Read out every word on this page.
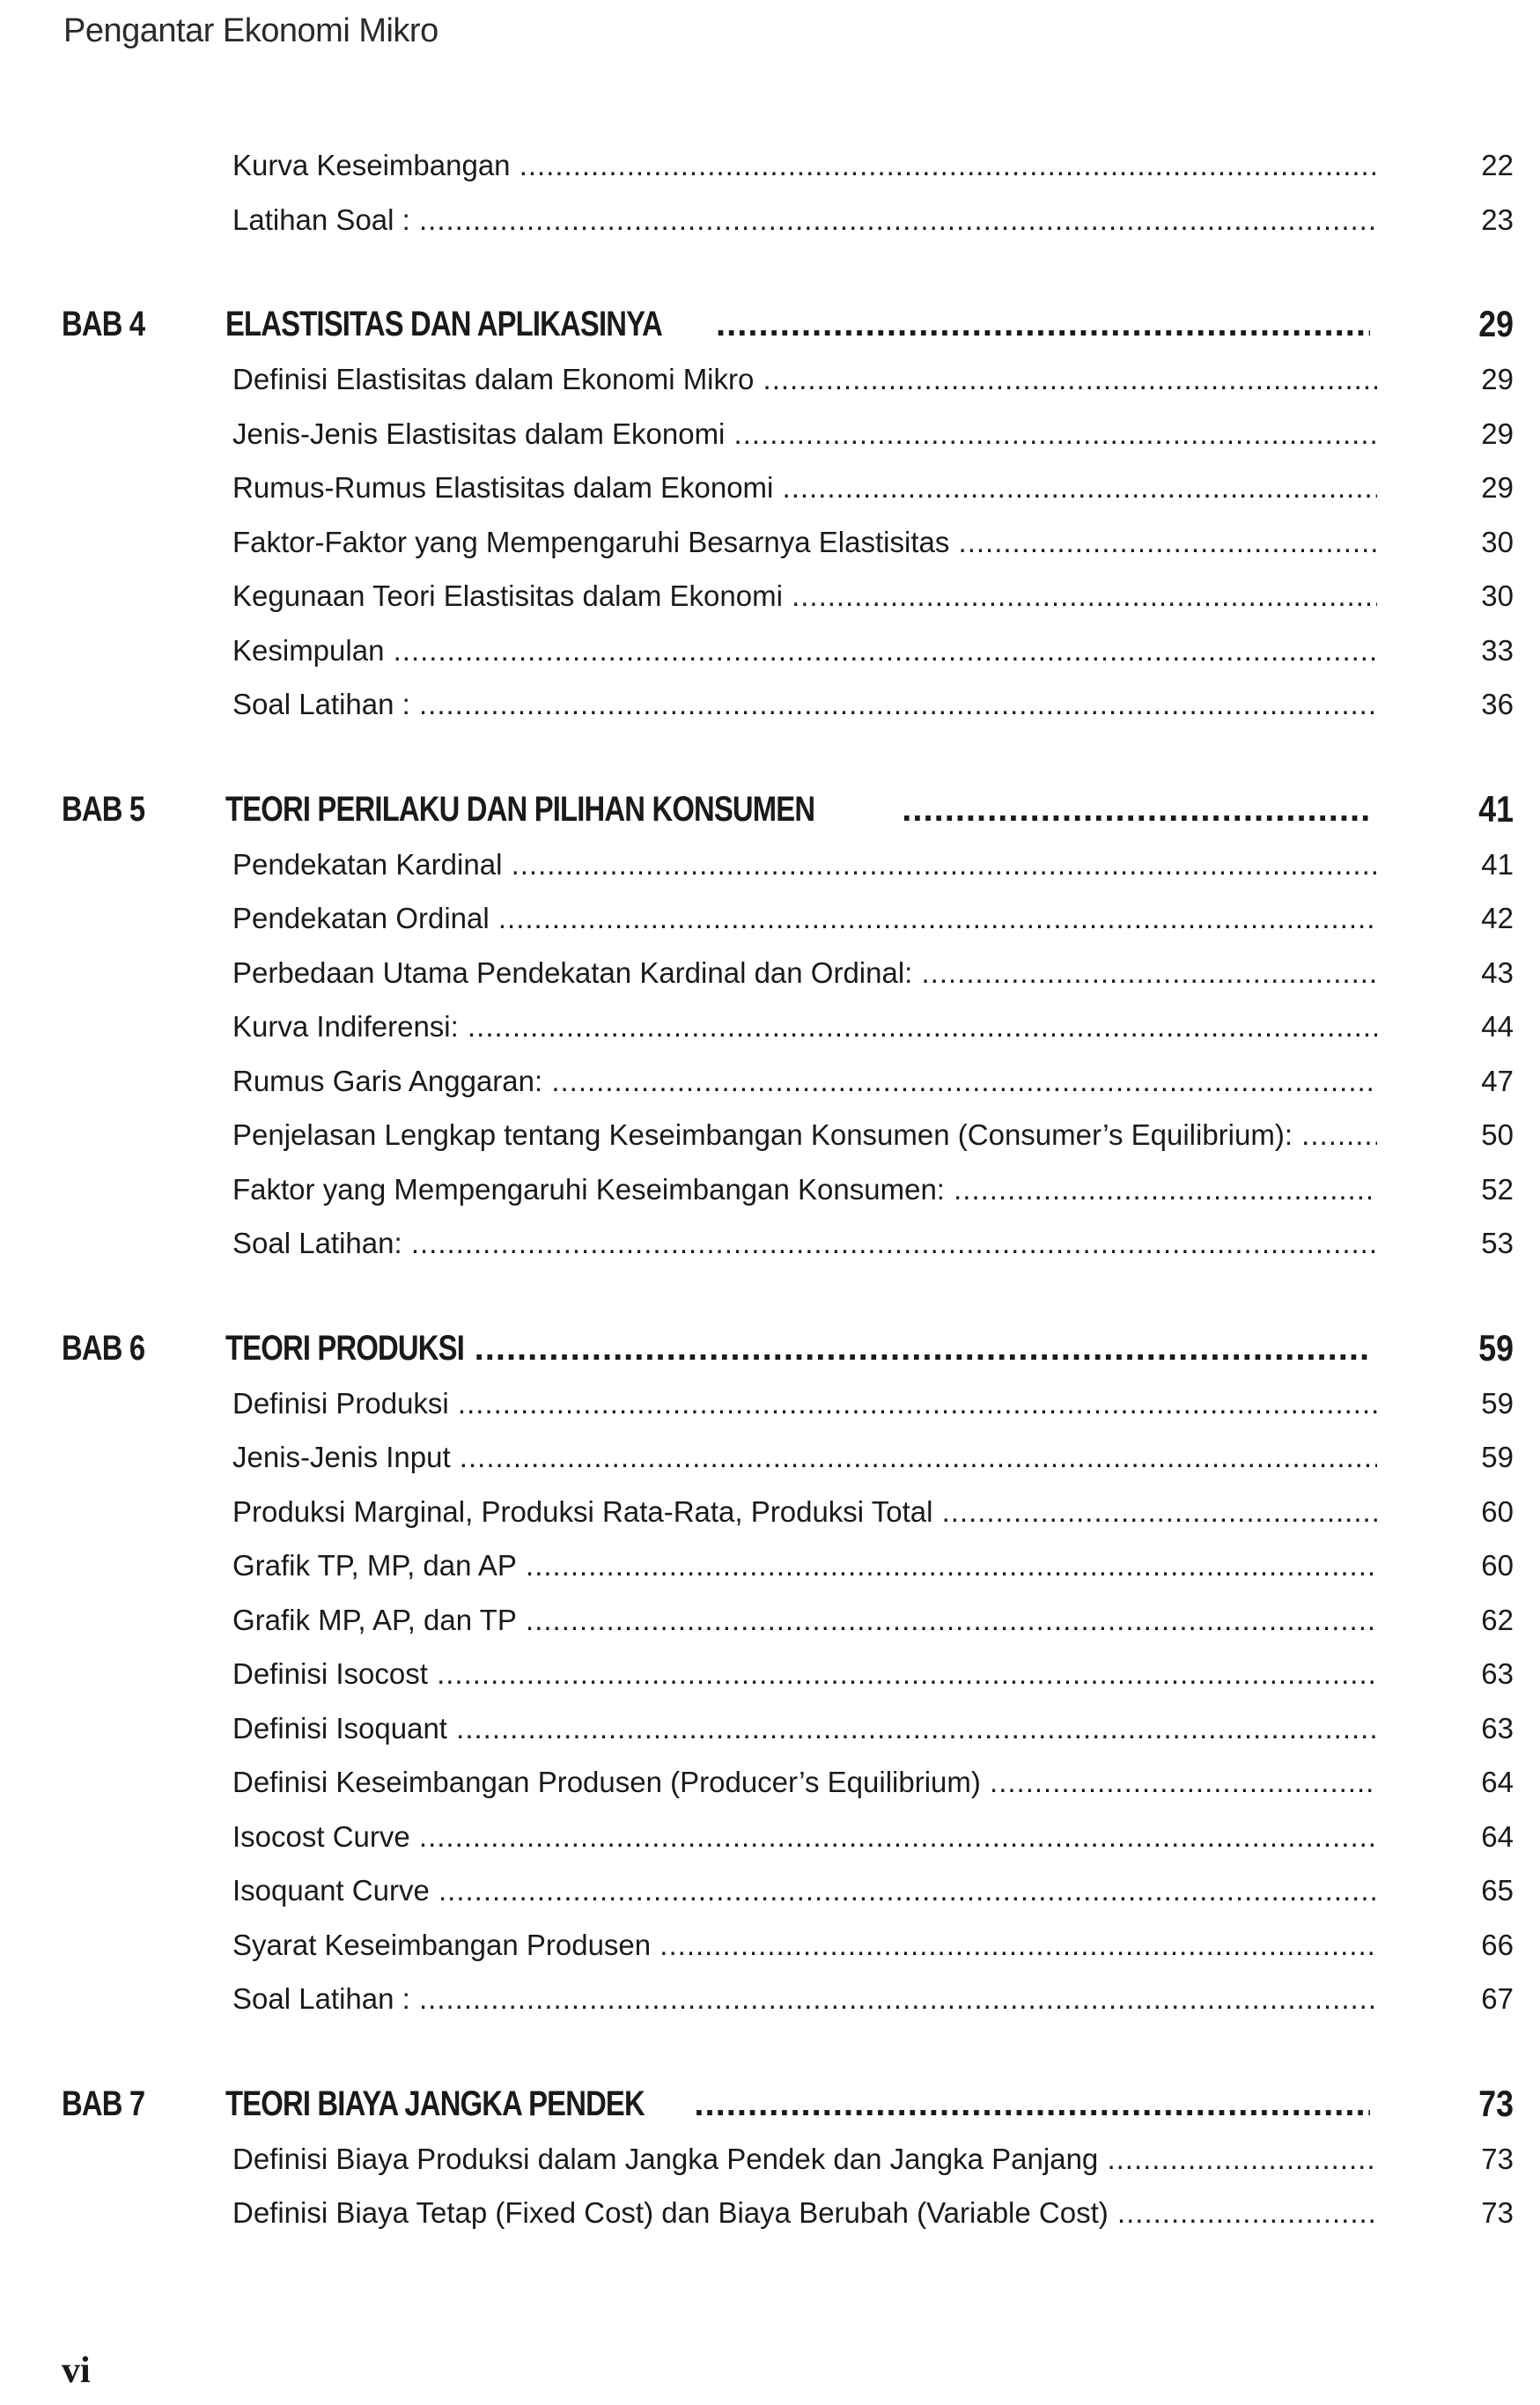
Pengantar Ekonomi Mikro
Kurva Keseimbangan .....	22
Latihan Soal : .....	23
BAB 4 ELASTISITAS DAN APLIKASINYA .....	29
Definisi Elastisitas dalam Ekonomi Mikro .....	29
Jenis-Jenis Elastisitas dalam Ekonomi .....	29
Rumus-Rumus Elastisitas dalam Ekonomi .....	29
Faktor-Faktor yang Mempengaruhi Besarnya Elastisitas .....	30
Kegunaan Teori Elastisitas dalam Ekonomi .....	30
Kesimpulan .....	33
Soal Latihan : .....	36
BAB 5 TEORI PERILAKU DAN PILIHAN KONSUMEN .....	41
Pendekatan Kardinal .....	41
Pendekatan Ordinal .....	42
Perbedaan Utama Pendekatan Kardinal dan Ordinal: .....	43
Kurva Indiferensi: .....	44
Rumus Garis Anggaran: .....	47
Penjelasan Lengkap tentang Keseimbangan Konsumen (Consumer’s Equilibrium): .....	50
Faktor yang Mempengaruhi Keseimbangan Konsumen: .....	52
Soal Latihan: .....	53
BAB 6 TEORI PRODUKSI .....	59
Definisi Produksi .....	59
Jenis-Jenis Input .....	59
Produksi Marginal, Produksi Rata-Rata, Produksi Total .....	60
Grafik TP, MP, dan AP .....	60
Grafik MP, AP, dan TP .....	62
Definisi Isocost .....	63
Definisi Isoquant .....	63
Definisi Keseimbangan Produsen (Producer’s Equilibrium) .....	64
Isocost Curve .....	64
Isoquant Curve .....	65
Syarat Keseimbangan Produsen .....	66
Soal Latihan : .....	67
BAB 7 TEORI BIAYA JANGKA PENDEK .....	73
Definisi Biaya Produksi dalam Jangka Pendek dan Jangka Panjang .....	73
Definisi Biaya Tetap (Fixed Cost) dan Biaya Berubah (Variable Cost) .....	73
vi
